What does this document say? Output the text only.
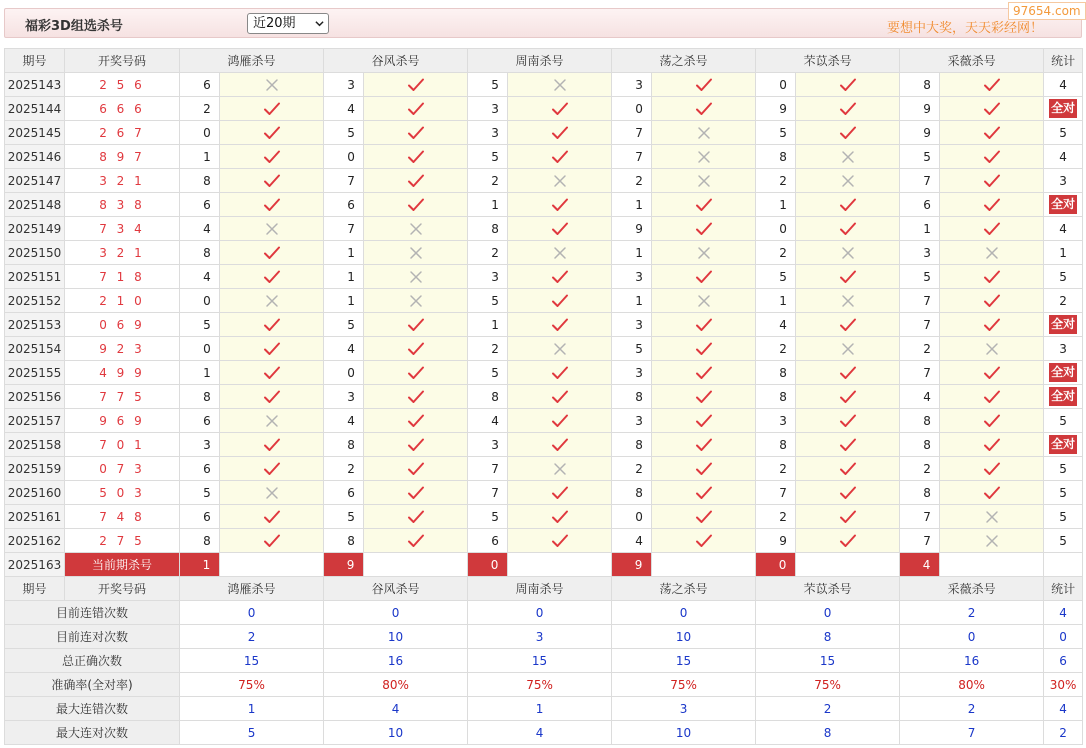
福彩3D组选杀号	近20期	要想中大奖，天天彩经网！
97654.com
期号	开奖号码	鸿雁杀号		谷风杀号		周南杀号		荡之杀号		芣苡杀号		采薇杀号		统计
2025143	2 5 6	6		3		5		3		0		8		4
2025144	6 6 6	2		4		3		0		9		9		全对
2025145	2 6 7	0		5		3		7		5		9		5
2025146	8 9 7	1		0		5		7		8		5		4
2025147	3 2 1	8		7		2		2		2		7		3
2025148	8 3 8	6		6		1		1		1		6		全对
2025149	7 3 4	4		7		8		9		0		1		4
2025150	3 2 1	8		1		2		1		2		3		1
2025151	7 1 8	4		1		3		3		5		5		5
2025152	2 1 0	0		1		5		1		1		7		2
2025153	0 6 9	5		5		1		3		4		7		全对
2025154	9 2 3	0		4		2		5		2		2		3
2025155	4 9 9	1		0		5		3		8		7		全对
2025156	7 7 5	8		3		8		8		8		4		全对
2025157	9 6 9	6		4		4		3		3		8		5
2025158	7 0 1	3		8		3		8		8		8		全对
2025159	0 7 3	6		2		7		2		2		2		5
2025160	5 0 3	5		6		7		8		7		8		5
2025161	7 4 8	6		5		5		0		2		7		5
2025162	2 7 5	8		8		6		4		9		7		5
2025163	当前期杀号	1		9		0		9		0		4		
期号	开奖号码	鸿雁杀号		谷风杀号		周南杀号		荡之杀号		芣苡杀号		采薇杀号		统计
目前连错次数		0		0		0		0		0		2		4
目前连对次数		2		10		3		10		8		0		0
总正确次数		15		16		15		15		15		16		6
准确率(全对率)		75%		80%		75%		75%		75%		80%		30%
最大连错次数		1		4		1		3		2		2		4
最大连对次数		5		10		4		10		8		7		2
